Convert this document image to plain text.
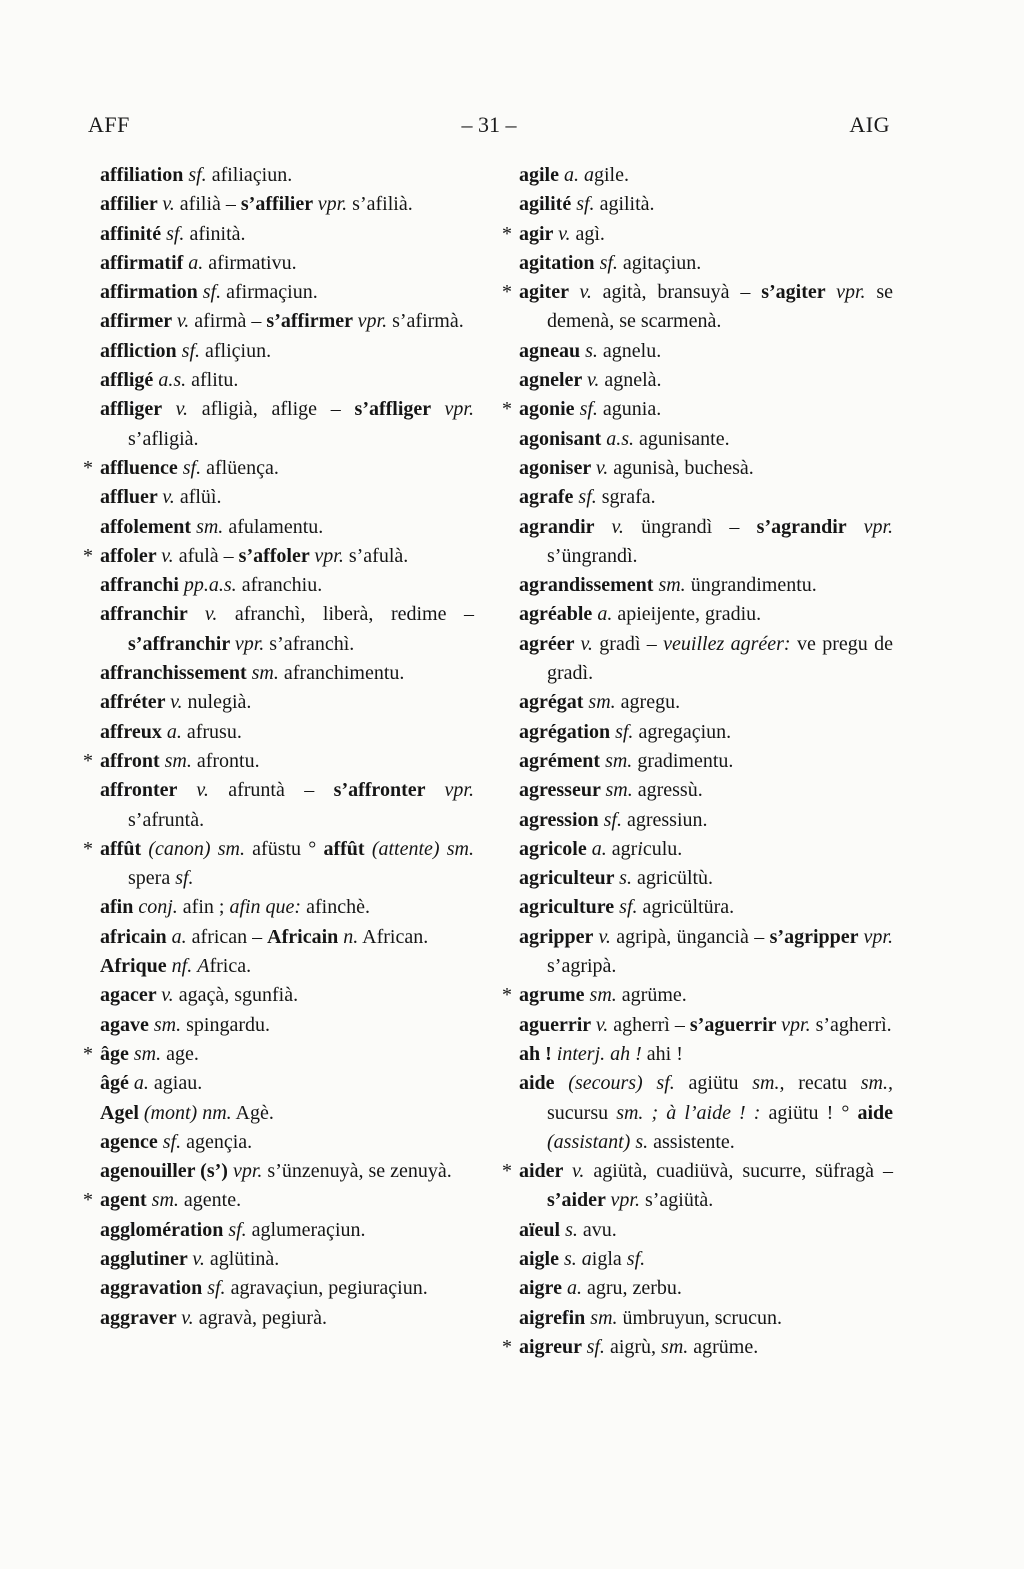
AFF	– 31 –	AIG
affiliation sf. afiliaçiun.
affilier v. afilià – s’affilier vpr. s’afilià.
affinité sf. afinità.
affirmatif a. afirmativu.
affirmation sf. afirmaçiun.
affirmer v. afirmà – s’affirmer vpr. s’afirmà.
affliction sf. afliçiun.
affligé a.s. aflitu.
affliger v. afligià, aflige – s’affliger vpr. s’afligià.
* affluence sf. aflüença.
affluer v. aflüì.
affolement sm. afulamentu.
* affoler v. afulà – s’affoler vpr. s’afulà.
affranchi pp.a.s. afranchiu.
affranchir v. afranchì, liberà, redime – s’affranchir vpr. s’afranchì.
affranchissement sm. afranchimentu.
affréter v. nulegià.
affreux a. afrusu.
* affront sm. afrontu.
affronter v. afruntà – s’affronter vpr. s’afruntà.
* affût (canon) sm. afüstu ° affût (attente) sm. spera sf.
afin conj. afin ; afin que: afinchè.
africain a. african – Africain n. African.
Afrique nf. Africa.
agacer v. agaçà, sgunfià.
agave sm. spingardu.
* âge sm. age.
âgé a. agiau.
Agel (mont) nm. Agè.
agence sf. agençia.
agenouiller (s’) vpr. s’ünzenuyà, se zenuyà.
* agent sm. agente.
agglomération sf. aglumeraçiun.
agglutiner v. aglütinà.
aggravation sf. agravaçiun, pegiuraçiun.
aggraver v. agravà, pegiurà.
agile a. agile.
agilité sf. agilità.
* agir v. agì.
agitation sf. agitaçiun.
* agiter v. agità, bransuyà – s’agiter vpr. se demenà, se scarmenà.
agneau s. agnelu.
agneler v. agnelà.
* agonie sf. agunia.
agonisant a.s. agunisante.
agoniser v. agunisà, buchesà.
agrafe sf. sgrafa.
agrandir v. üngrandì – s’agrandir vpr. s’üngrandì.
agrandissement sm. üngrandimentu.
agréable a. apieijente, gradiu.
agréer v. gradì – veuillez agréer: ve pregu de gradì.
agrégat sm. agregu.
agrégation sf. agregaçiun.
agrément sm. gradimentu.
agresseur sm. agressù.
agression sf. agressiun.
agricole a. agriculu.
agriculteur s. agricültù.
agriculture sf. agricültüra.
agripper v. agripà, üngancià – s’agripper vpr. s’agripà.
* agrume sm. agrüme.
aguerrir v. agherrì – s’aguerrir vpr. s’agherrì.
ah ! interj. ah ! ahi !
aide (secours) sf. agiütu sm., recatu sm., sucursu sm. ; à l’aide ! : agiütu ! ° aide (assistant) s. assistente.
* aider v. agiütà, cuadiüvà, sucurre, süfragà – s’aider vpr. s’agiütà.
aïeul s. avu.
aigle s. aigla sf.
aigre a. agru, zerbu.
aigrefin sm. ümbruyun, scrucun.
* aigreur sf. aigrù, sm. agrüme.
